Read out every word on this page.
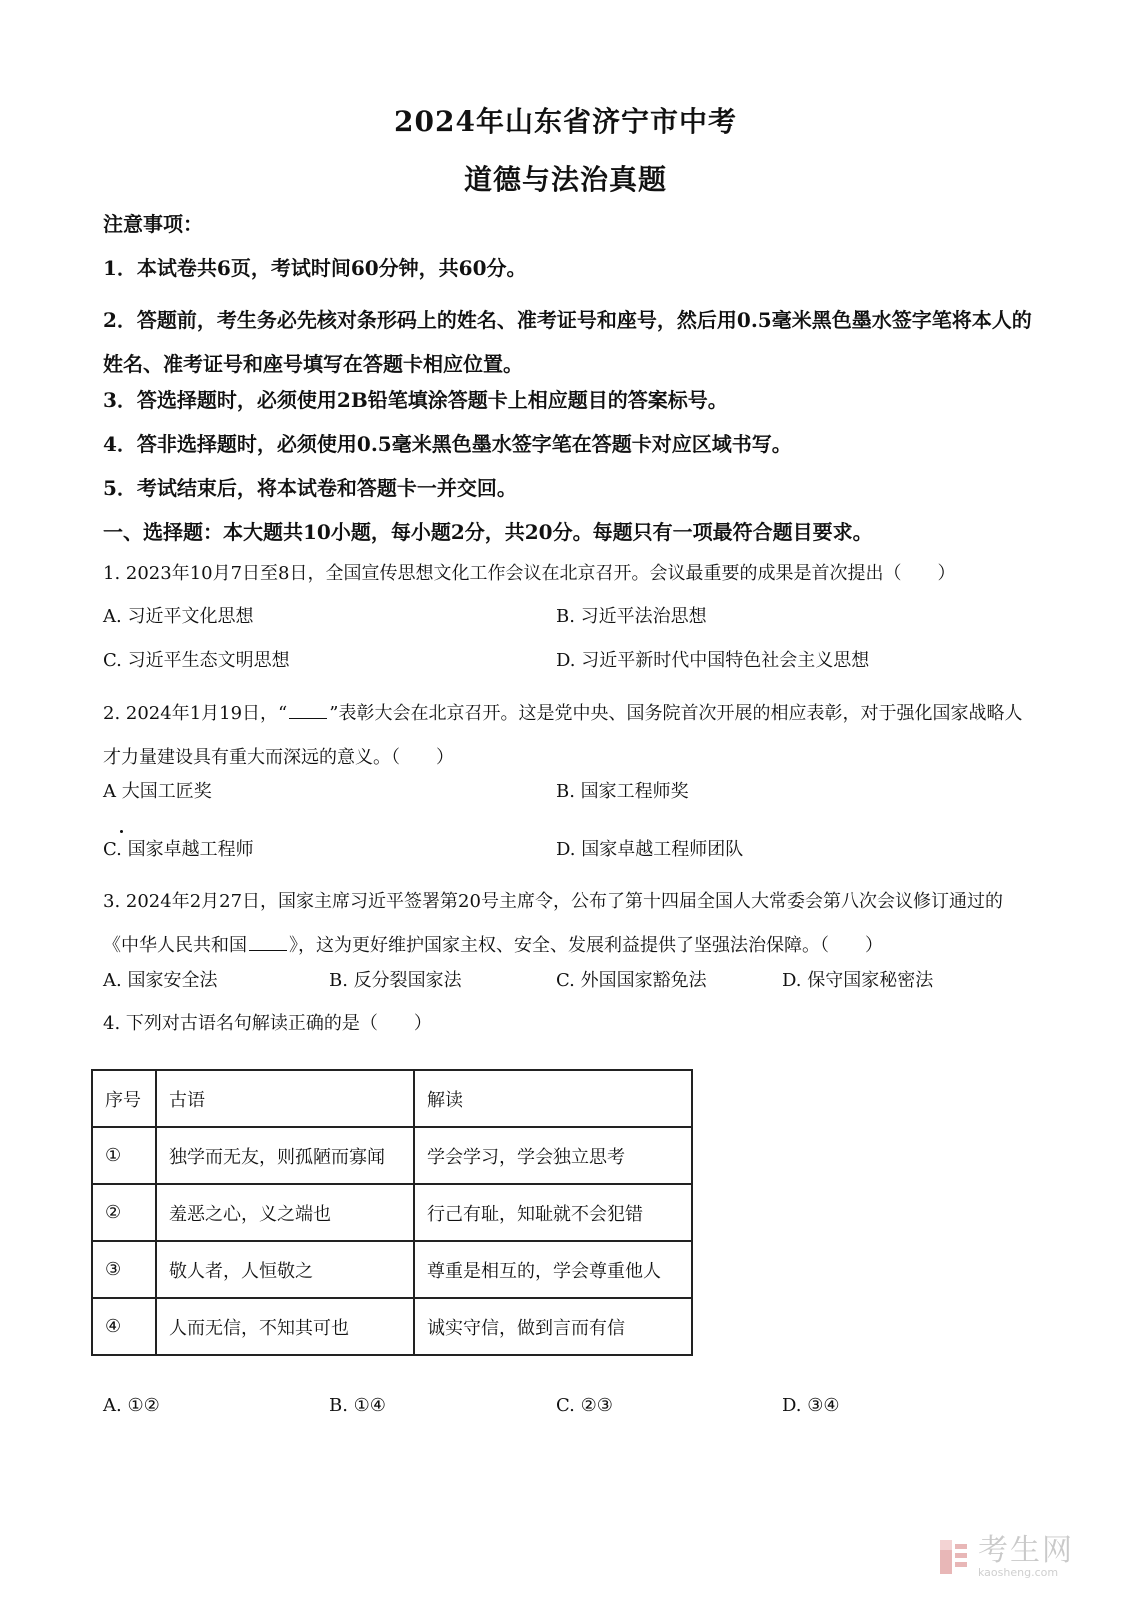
2024年山东省济宁市中考
道德与法治真题
注意事项：
1．本试卷共6页，考试时间60分钟，共60分。
2．答题前，考生务必先核对条形码上的姓名、准考证号和座号，然后用0.5毫米黑色墨水签字笔将本人的姓名、准考证号和座号填写在答题卡相应位置。
3．答选择题时，必须使用2B铅笔填涂答题卡上相应题目的答案标号。
4．答非选择题时，必须使用0.5毫米黑色墨水签字笔在答题卡对应区域书写。
5．考试结束后，将本试卷和答题卡一并交回。
一、选择题：本大题共10小题，每小题2分，共20分。每题只有一项最符合题目要求。
1. 2023年10月7日至8日，全国宣传思想文化工作会议在北京召开。会议最重要的成果是首次提出（　　）
A. 习近平文化思想	B. 习近平法治思想
C. 习近平生态文明思想	D. 习近平新时代中国特色社会主义思想
2. 2024年1月19日，“ ”表彰大会在北京召开。这是党中央、国务院首次开展的相应表彰，对于强化国家战略人才力量建设具有重大而深远的意义。（　　）
A 大国工匠奖	B. 国家工程师奖
C. 国家卓越工程师	D. 国家卓越工程师团队
3. 2024年2月27日，国家主席习近平签署第20号主席令，公布了第十四届全国人大常委会第八次会议修订通过的《中华人民共和国 》，这为更好维护国家主权、安全、发展利益提供了坚强法治保障。（　　）
A. 国家安全法	B. 反分裂国家法	C. 外国国家豁免法	D. 保守国家秘密法
4. 下列对古语名句解读正确的是（　　）
序号	古语	解读
①	独学而无友，则孤陋而寡闻	学会学习，学会独立思考
②	羞恶之心，义之端也	行己有耻，知耻就不会犯错
③	敬人者，人恒敬之	尊重是相互的，学会尊重他人
④	人而无信，不知其可也	诚实守信，做到言而有信
A. ①②	B. ①④	C. ②③	D. ③④
考生网
kaosheng.com
